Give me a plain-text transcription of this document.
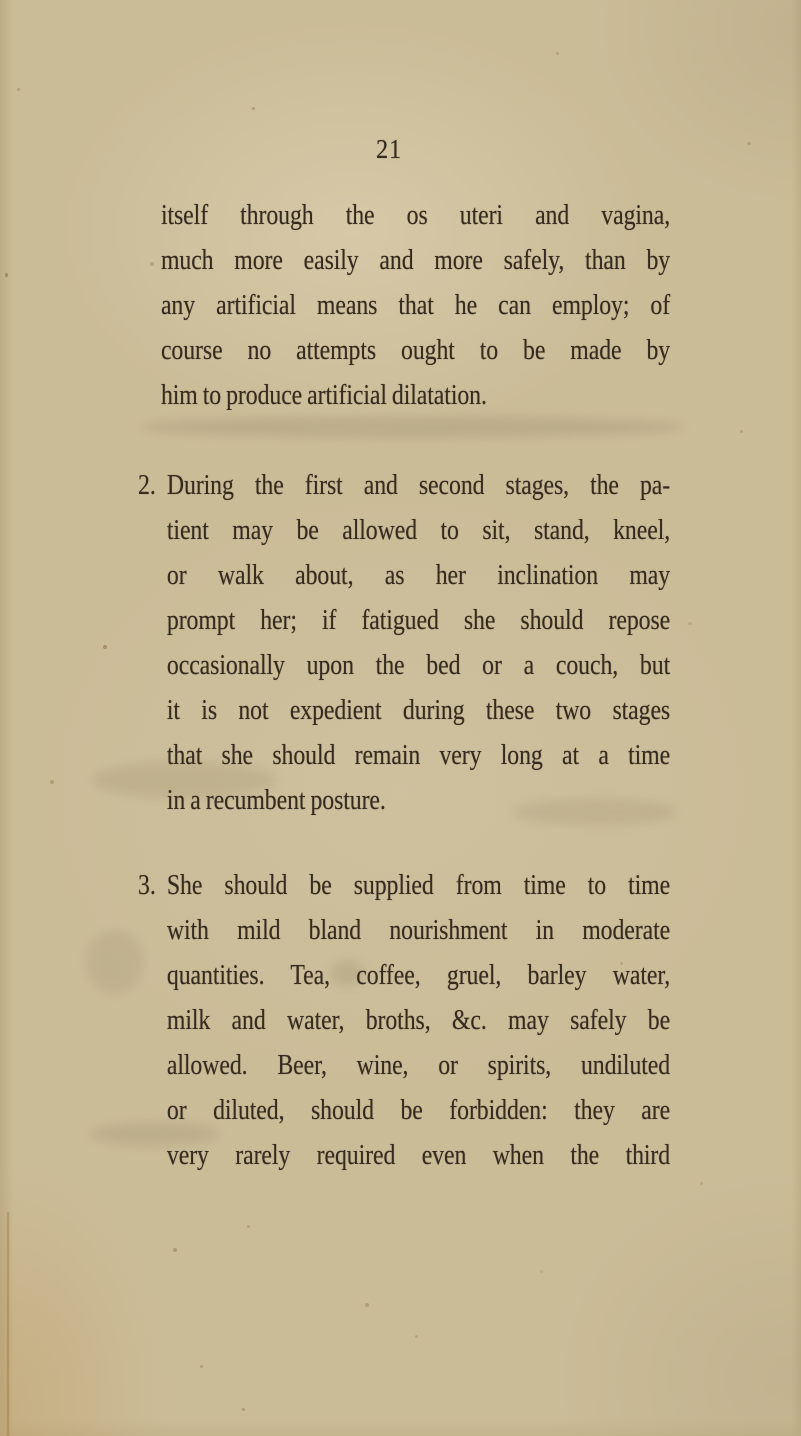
21
itself through the os uteri and vagina,
much more easily and more safely, than by
any artificial means that he can employ; of
course no attempts ought to be made by
him to produce artificial dilatation.
2. During the first and second stages, the pa-
tient may be allowed to sit, stand, kneel,
or walk about, as her inclination may
prompt her; if fatigued she should repose
occasionally upon the bed or a couch, but
it is not expedient during these two stages
that she should remain very long at a time
in a recumbent posture.
3. She should be supplied from time to time
with mild bland nourishment in moderate
quantities. Tea, coffee, gruel, barley water,
milk and water, broths, &c. may safely be
allowed. Beer, wine, or spirits, undiluted
or diluted, should be forbidden: they are
very rarely required even when the third
